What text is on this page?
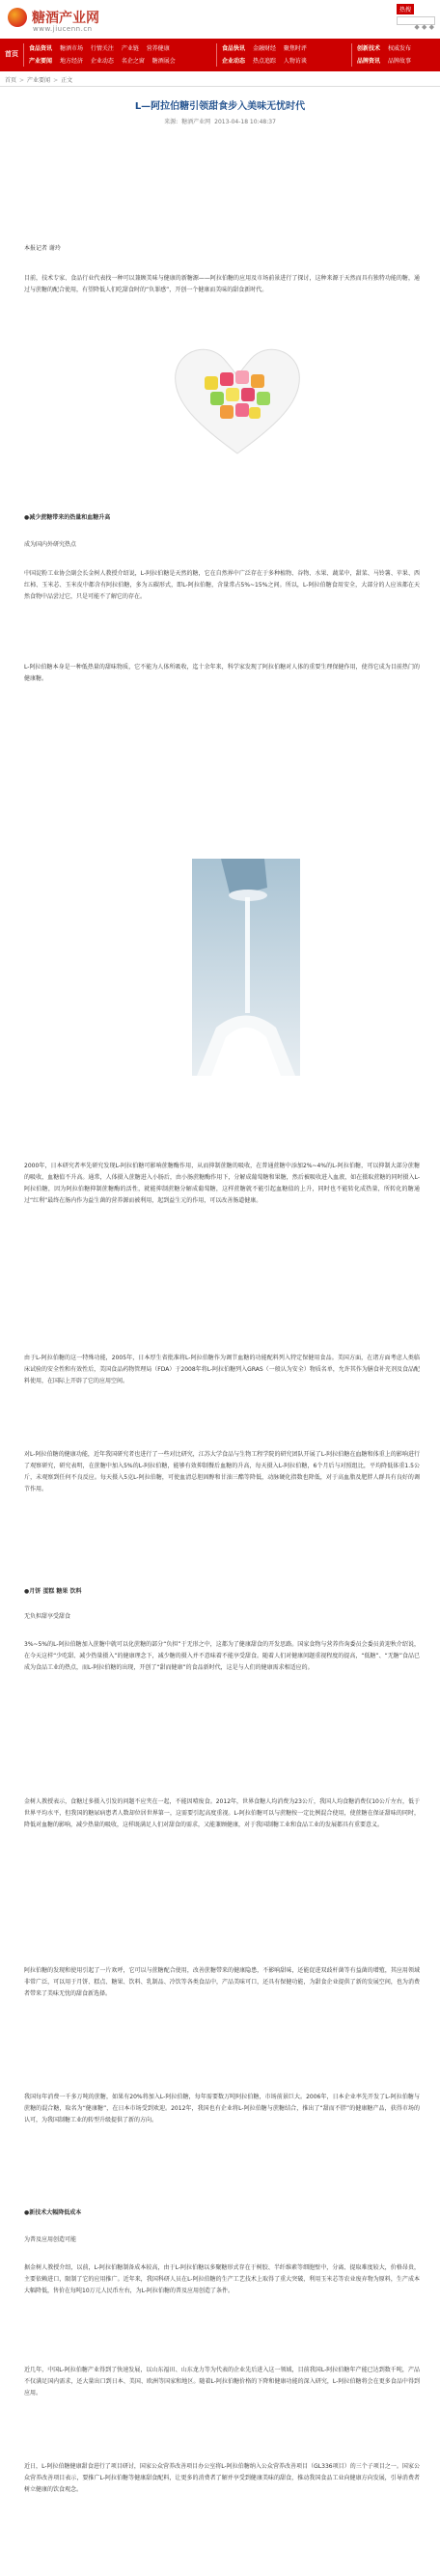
糖酒产业网
www.jiucenn.cn
热搜
◆ ◆ ◆
首页
食品资讯 糖酒市场 行情关注 产业链 营养健康
产业要闻 地方经济 企业动态 名企之窗 糖酒展会
食品快讯 金融财经 聚焦时评
企业动态 热点追踪 人物访谈
创新技术 权威发布
品牌资讯 品牌故事
首页 > 产业要闻 > 正文
L—阿拉伯糖引领甜食步入美味无忧时代
来源: 糖酒产业网 2013-04-18 10:48:37
本报记者 谢玲
目前，技术专家、食品行业代表找一种可以兼顾美味与健康的新糖源——阿拉伯糖的应用及市场前景进行了探讨，这种来源于天然而具有独特功能的糖，通过与蔗糖的配合使用，有望降低人们吃甜食时的“负罪感”，开创一个健康而美味的甜食新时代。
●减少蔗糖带来的热量和血糖升高
成为国内外研究热点
中国淀粉工业协会副会长金树人教授介绍说，L-阿拉伯糖是天然的糖，它在自然界中广泛存在于多种植物、谷物、水果、蔬菜中，甜菜、马铃薯、苹果、西红柿、玉米芯、玉米皮中都含有阿拉伯糖，多为五碳形式，即L-阿拉伯糖，含量常占5%~15%之间。所以，L-阿拉伯糖食用安全，大部分的人应该都在天然食物中品尝过它，只是可能不了解它的存在。
L-阿拉伯糖本身是一种低热量的甜味物质，它不能为人体所吸收，迄十余年来，科学家发现了阿拉伯糖对人体的重要生理保健作用，使得它成为目前热门的健康糖。
2000年，日本研究者率先研究发现L-阿拉伯糖可影响蔗糖酶作用，从而抑制蔗糖的吸收，在普通蔗糖中添加2%~4%的L-阿拉伯糖，可以抑制大部分蔗糖的吸收，血糖值不升高。通常，人体摄入蔗糖进入小肠后，由小肠蔗糖酶作用下，分解成葡萄糖和果糖，然后被吸收进入血液，如在摄取蔗糖的同时摄入L-阿拉伯糖，因为阿拉伯糖抑制蔗糖酶的活性，就能抑制蔗糖分解成葡萄糖，这样蔗糖就不能引起血糖值的上升，同时也不能转化成热量，所转化的糖通过“红利”最终在肠内作为益生菌的营养源而被利用，起到益生元的作用，可以改善肠道健康。
由于L-阿拉伯糖的这一特殊功能，2005年，日本厚生省批准将L-阿拉伯糖作为调节血糖的功能配料列入特定保健用食品。美国方面，在诸方面考虑人类临床试验的安全性和有效性后，美国食品药物管理局（FDA）于2008年将L-阿拉伯糖列入GRAS（一般认为安全）物质名单，允许其作为膳食补充剂及食品配料使用，在国际上开辟了它的应用空间。
对L-阿拉伯糖的健康功能，近年我国研究者也进行了一些对比研究，江苏大学食品与生物工程学院的研究团队开展了L-阿拉伯糖在血糖和体重上的影响进行了观察研究，研究表明，在蔗糖中加入5%的L-阿拉伯糖，能够有效抑制餐后血糖的升高，每天摄入L-阿拉伯糖，6个月后与对照组比，平均降低体重1.5公斤，未观察到任何不良反应。每天摄入5克L-阿拉伯糖，可使血清总胆固醇和甘油三酯等降低，动脉硬化指数也降低，对于高血脂及肥胖人群具有良好的调节作用。
●月饼 蛋糕 糖果 饮料
无负担甜享受甜食
3%~5%的L-阿拉伯糖加入蔗糖中就可以化蔗糖的部分“负担”于无形之中，这都为了健康甜食的开发思路。国家食物与营养咨询委员会委员黄迎秋介绍说，在今天这样“少吃甜、减少热量摄入”的健康理念下，减少糖的摄入并不意味着不能享受甜食。随着人们对健康问题重视程度的提高，“低糖”、“无糖”食品已成为食品工业的热点，而L-阿拉伯糖的出现，开创了“甜而健康”的食品新时代，这是与人们的健康需求相适应的。
金树人教授表示，食糖过多摄入引发的问题不应夹在一起，不能因噎废食。2012年，世界食糖人均消费为23公斤，我国人均食糖消费仅10公斤左右，低于世界平均水平，但我国的糖尿病患者人数却位居世界第一，这需要引起高度重视。L-阿拉伯糖可以与蔗糖按一定比例混合使用，使蔗糖在保证甜味的同时，降低对血糖的影响，减少热量的吸收，这样既满足人们对甜食的需求，又能兼顾健康，对于我国制糖工业和食品工业的发展都具有重要意义。
阿拉伯糖的发现和使用引起了一片欢呼，它可以与蔗糖配合使用，改善蔗糖带来的健康隐患，不影响甜味，还能促进双歧杆菌等有益菌的增殖，其应用领域非常广泛，可以用于月饼、糕点、糖果、饮料、乳制品、冷饮等各类食品中，产品美味可口，还具有保健功能，为甜食企业提供了新的发展空间，也为消费者带来了美味无忧的甜食新选择。
我国每年消费一千多万吨的蔗糖，如果有20%将加入L-阿拉伯糖，每年需要数万吨阿拉伯糖，市场前景巨大。2006年，日本企业率先开发了L-阿拉伯糖与蔗糖的混合糖，取名为“健康糖”，在日本市场受到欢迎。2012年，我国也有企业将L-阿拉伯糖与蔗糖结合，推出了“甜而不胖”的健康糖产品，获得市场的认可，为我国制糖工业的转型升级提供了新的方向。
●新技术大幅降低成本
为普及应用创造可能
据金树人教授介绍，以前，L-阿拉伯糖制备成本较高，由于L-阿拉伯糖以多聚糖形式存在于树胶、半纤维素等细胞壁中，分离、提取难度较大，价格昂贵，主要依赖进口，限制了它的应用推广。近年来，我国科研人员在L-阿拉伯糖的生产工艺技术上取得了重大突破，利用玉米芯等农业废弃物为原料，生产成本大幅降低，售价在每吨10万元人民币左右，为L-阿拉伯糖的普及应用创造了条件。
近几年，中国L-阿拉伯糖产业得到了快速发展，以山东福田、山东龙力等为代表的企业先后进入这一领域，目前我国L-阿拉伯糖年产能已达到数千吨，产品不仅满足国内需求，还大量出口到日本、美国、欧洲等国家和地区。随着L-阿拉伯糖价格的下降和健康功能的深入研究，L-阿拉伯糖将会在更多食品中得到应用。
近日，L-阿拉伯糖健康甜食进行了项目研讨，国家公众营养改善项目办公室将L-阿拉伯糖纳入公众营养改善项目（GL336项目）的三个子项目之一。国家公众营养改善项目表示，要推广L-阿拉伯糖等健康甜食配料，让更多的消费者了解并享受到健康美味的甜食，推动我国食品工业向健康方向发展，引导消费者树立健康的饮食观念。
